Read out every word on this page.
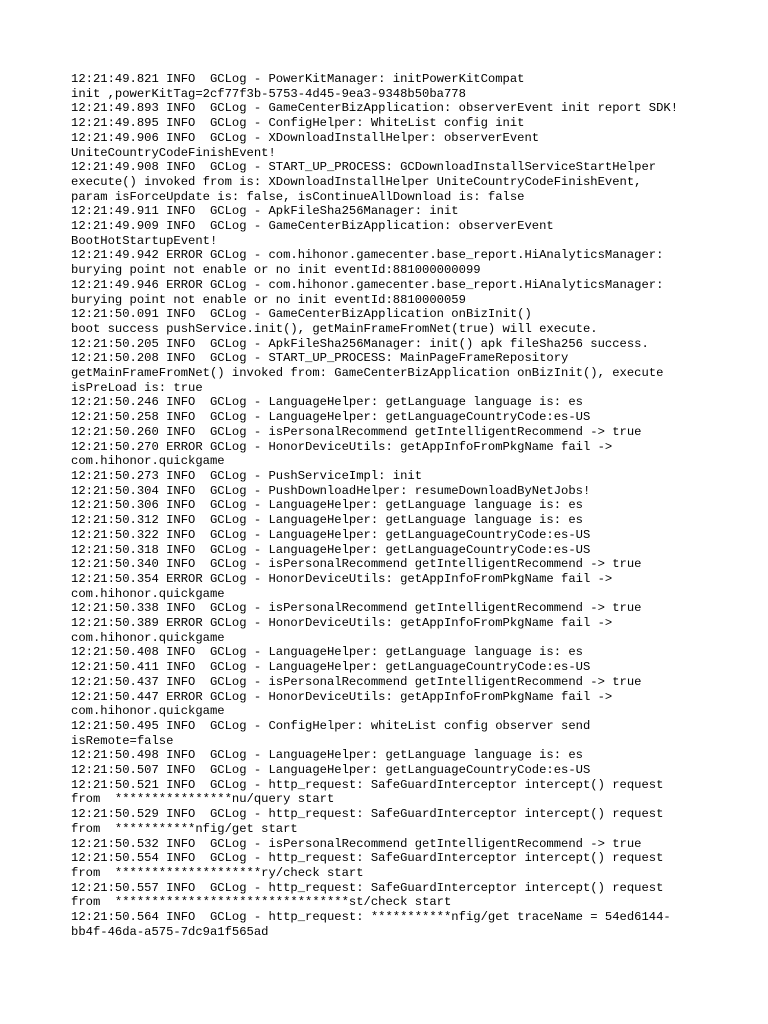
12:21:49.821 INFO  GCLog - PowerKitManager: initPowerKitCompat
init ,powerKitTag=2cf77f3b-5753-4d45-9ea3-9348b50ba778
12:21:49.893 INFO  GCLog - GameCenterBizApplication: observerEvent init report SDK!
12:21:49.895 INFO  GCLog - ConfigHelper: WhiteList config init
12:21:49.906 INFO  GCLog - XDownloadInstallHelper: observerEvent
UniteCountryCodeFinishEvent!
12:21:49.908 INFO  GCLog - START_UP_PROCESS: GCDownloadInstallServiceStartHelper
execute() invoked from is: XDownloadInstallHelper UniteCountryCodeFinishEvent,
param isForceUpdate is: false, isContinueAllDownload is: false
12:21:49.911 INFO  GCLog - ApkFileSha256Manager: init
12:21:49.909 INFO  GCLog - GameCenterBizApplication: observerEvent
BootHotStartupEvent!
12:21:49.942 ERROR GCLog - com.hihonor.gamecenter.base_report.HiAnalyticsManager:
burying point not enable or no init eventId:881000000099
12:21:49.946 ERROR GCLog - com.hihonor.gamecenter.base_report.HiAnalyticsManager:
burying point not enable or no init eventId:8810000059
12:21:50.091 INFO  GCLog - GameCenterBizApplication onBizInit()
boot success pushService.init(), getMainFrameFromNet(true) will execute.
12:21:50.205 INFO  GCLog - ApkFileSha256Manager: init() apk fileSha256 success.
12:21:50.208 INFO  GCLog - START_UP_PROCESS: MainPageFrameRepository
getMainFrameFromNet() invoked from: GameCenterBizApplication onBizInit(), execute
isPreLoad is: true
12:21:50.246 INFO  GCLog - LanguageHelper: getLanguage language is: es
12:21:50.258 INFO  GCLog - LanguageHelper: getLanguageCountryCode:es-US
12:21:50.260 INFO  GCLog - isPersonalRecommend getIntelligentRecommend -> true
12:21:50.270 ERROR GCLog - HonorDeviceUtils: getAppInfoFromPkgName fail ->
com.hihonor.quickgame
12:21:50.273 INFO  GCLog - PushServiceImpl: init
12:21:50.304 INFO  GCLog - PushDownloadHelper: resumeDownloadByNetJobs!
12:21:50.306 INFO  GCLog - LanguageHelper: getLanguage language is: es
12:21:50.312 INFO  GCLog - LanguageHelper: getLanguage language is: es
12:21:50.322 INFO  GCLog - LanguageHelper: getLanguageCountryCode:es-US
12:21:50.318 INFO  GCLog - LanguageHelper: getLanguageCountryCode:es-US
12:21:50.340 INFO  GCLog - isPersonalRecommend getIntelligentRecommend -> true
12:21:50.354 ERROR GCLog - HonorDeviceUtils: getAppInfoFromPkgName fail ->
com.hihonor.quickgame
12:21:50.338 INFO  GCLog - isPersonalRecommend getIntelligentRecommend -> true
12:21:50.389 ERROR GCLog - HonorDeviceUtils: getAppInfoFromPkgName fail ->
com.hihonor.quickgame
12:21:50.408 INFO  GCLog - LanguageHelper: getLanguage language is: es
12:21:50.411 INFO  GCLog - LanguageHelper: getLanguageCountryCode:es-US
12:21:50.437 INFO  GCLog - isPersonalRecommend getIntelligentRecommend -> true
12:21:50.447 ERROR GCLog - HonorDeviceUtils: getAppInfoFromPkgName fail ->
com.hihonor.quickgame
12:21:50.495 INFO  GCLog - ConfigHelper: whiteList config observer send
isRemote=false
12:21:50.498 INFO  GCLog - LanguageHelper: getLanguage language is: es
12:21:50.507 INFO  GCLog - LanguageHelper: getLanguageCountryCode:es-US
12:21:50.521 INFO  GCLog - http_request: SafeGuardInterceptor intercept() request
from  ****************nu/query start
12:21:50.529 INFO  GCLog - http_request: SafeGuardInterceptor intercept() request
from  ***********nfig/get start
12:21:50.532 INFO  GCLog - isPersonalRecommend getIntelligentRecommend -> true
12:21:50.554 INFO  GCLog - http_request: SafeGuardInterceptor intercept() request
from  ********************ry/check start
12:21:50.557 INFO  GCLog - http_request: SafeGuardInterceptor intercept() request
from  ********************************st/check start
12:21:50.564 INFO  GCLog - http_request: ***********nfig/get traceName = 54ed6144-
bb4f-46da-a575-7dc9a1f565ad
